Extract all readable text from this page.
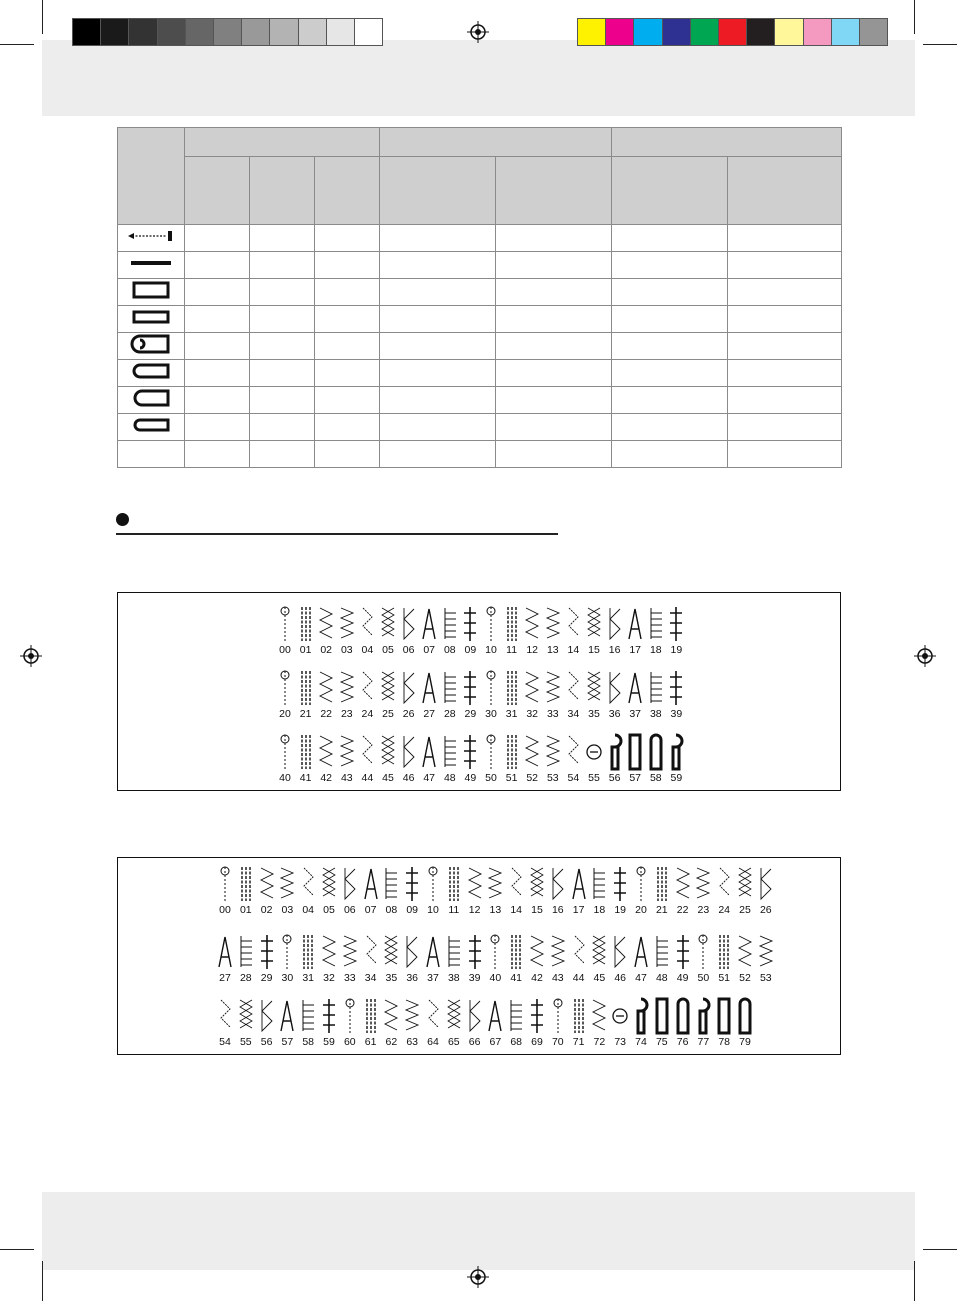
00 01 02 03 04 05 06 07 08 09 10 11 12 13 14 15 16 17 18 19
20 21 22 23 24 25 26 27 28 29 30 31 32 33 34 35 36 37 38 39
40 41 42 43 44 45 46 47 48 49 50 51 52 53 54 55 56 57 58 59
00 01 02 03 04 05 06 07 08 09 10 11 12 13 14 15 16 17 18 19 20 21 22 23 24 25 26
27 28 29 30 31 32 33 34 35 36 37 38 39 40 41 42 43 44 45 46 47 48 49 50 51 52 53
54 55 56 57 58 59 60 61 62 63 64 65 66 67 68 69 70 71 72 73 74 75 76 77 78 79
